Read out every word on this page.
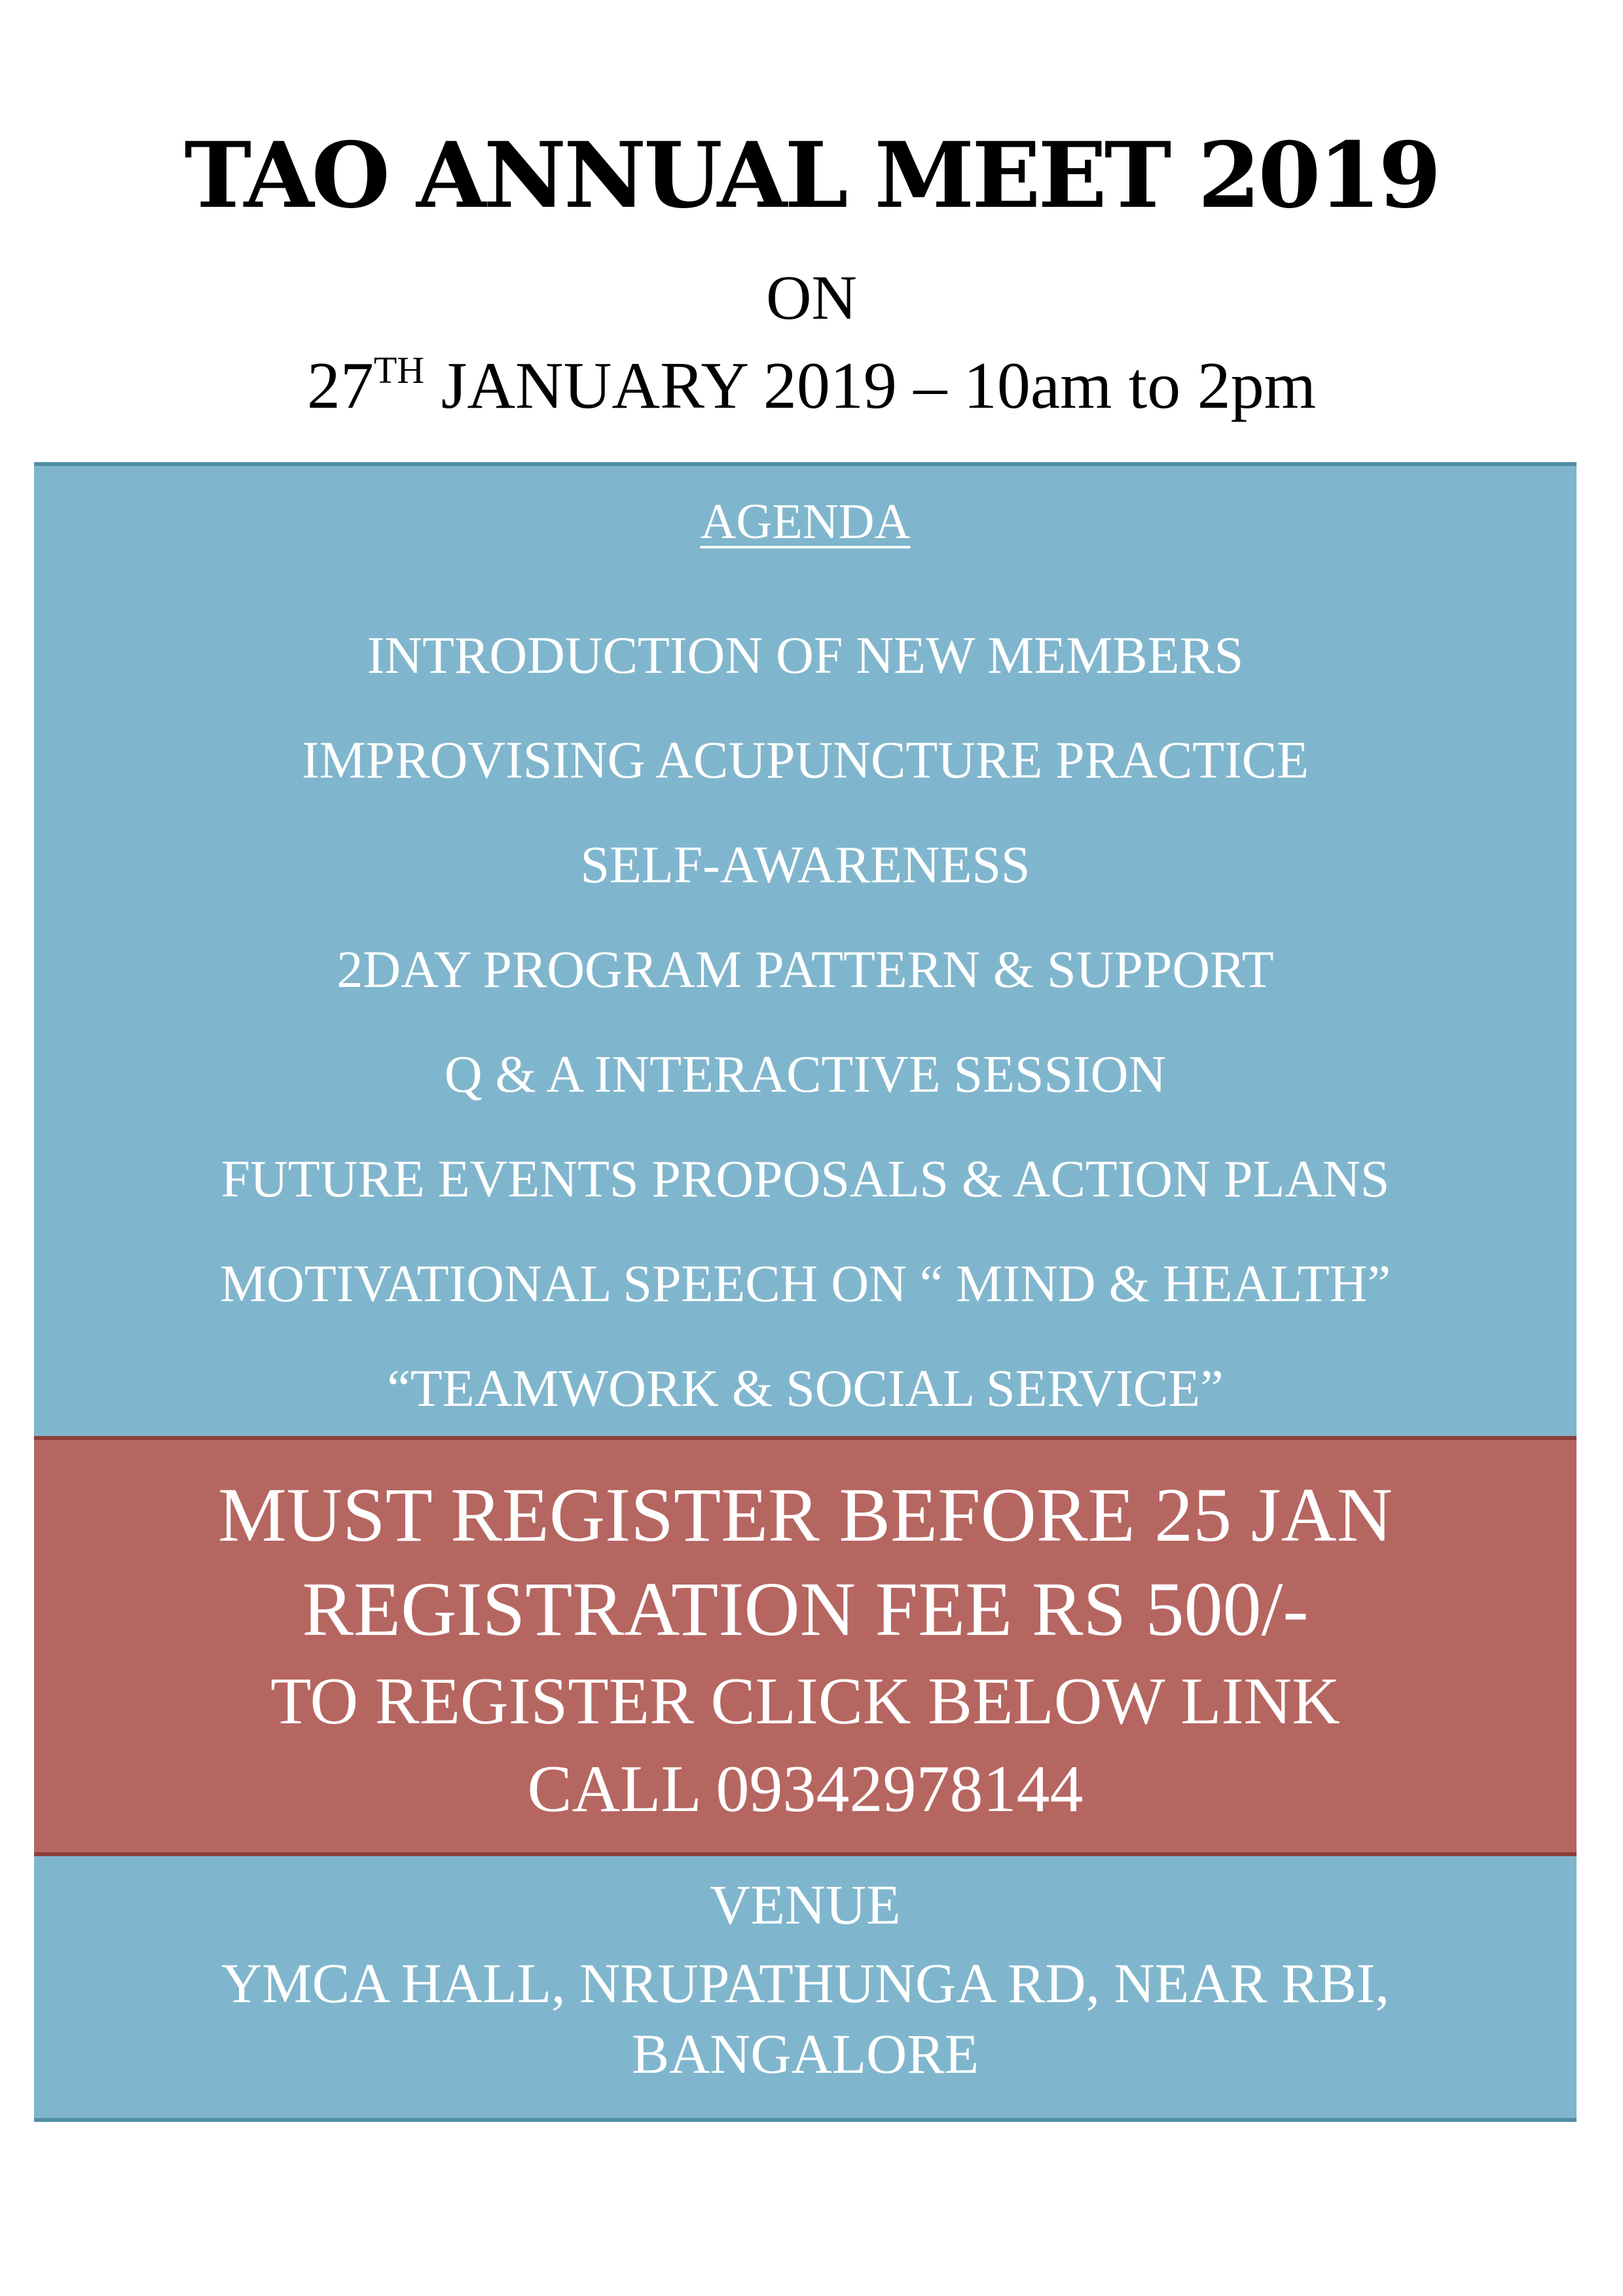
TAO ANNUAL MEET 2019
ON
27TH JANUARY 2019 – 10am to 2pm
AGENDA
INTRODUCTION OF NEW MEMBERS
IMPROVISING ACUPUNCTURE PRACTICE
SELF-AWARENESS
2DAY PROGRAM PATTERN & SUPPORT
Q & A INTERACTIVE SESSION
FUTURE EVENTS PROPOSALS & ACTION PLANS
MOTIVATIONAL SPEECH ON “ MIND & HEALTH”
“TEAMWORK & SOCIAL SERVICE”
MUST REGISTER BEFORE 25 JAN
REGISTRATION FEE RS 500/-
TO REGISTER CLICK BELOW LINK
CALL 09342978144
VENUE
YMCA HALL, NRUPATHUNGA RD, NEAR RBI,
BANGALORE
